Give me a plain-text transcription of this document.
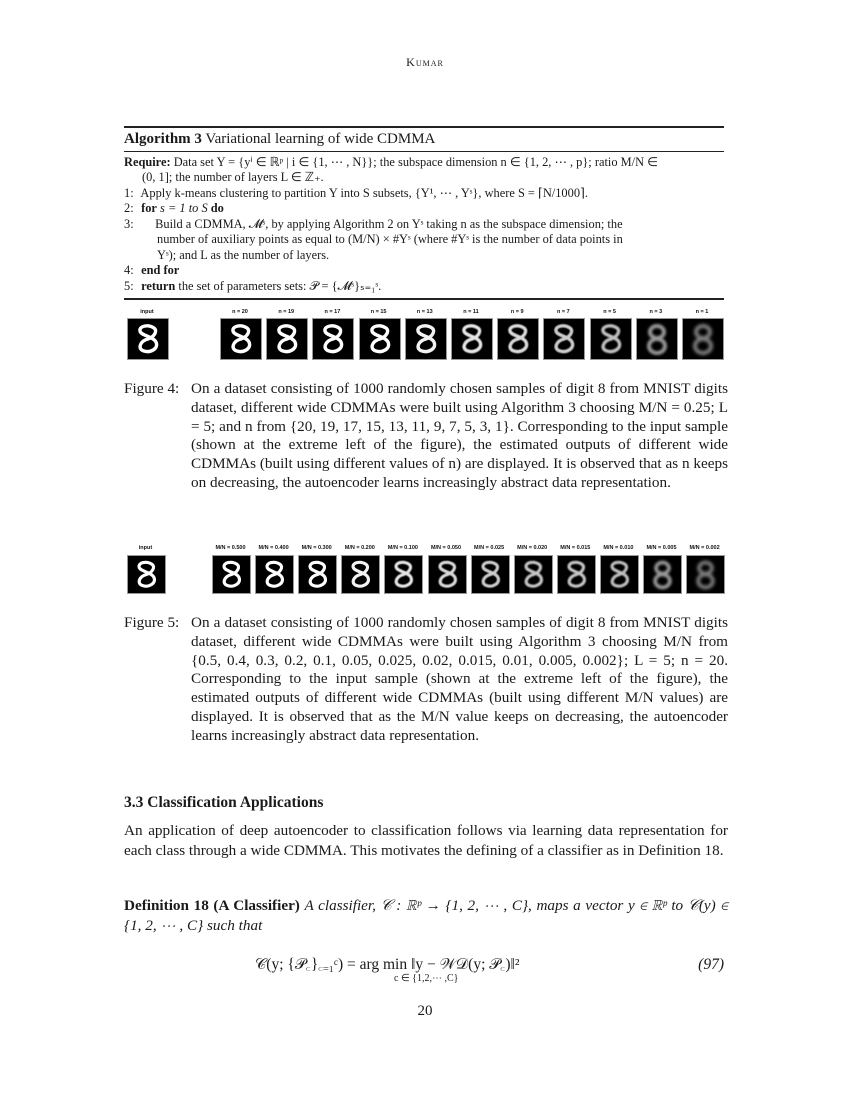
Kumar
Algorithm 3 Variational learning of wide CDMMA
Require: Data set Y = {yⁱ ∈ ℝᵖ | i ∈ {1, ⋯ , N}}; the subspace dimension n ∈ {1, 2, ⋯ , p}; ratio M/N ∈
(0, 1]; the number of layers L ∈ ℤ₊.
1: Apply k-means clustering to partition Y into S subsets, {Y¹, ⋯ , Yˢ}, where S = ⌈N/1000⌉.
2: for s = 1 to S do
3: Build a CDMMA, 𝓜ˢ, by applying Algorithm 2 on Yˢ taking n as the subspace dimension; the
number of auxiliary points as equal to (M/N) × #Yˢ (where #Yˢ is the number of data points in
Yˢ); and L as the number of layers.
4: end for
5: return the set of parameters sets: 𝒫 = {𝓜ˢ}ₛ₌₁ˢ.
input	n = 20	n = 19	n = 17	n = 15	n = 13	n = 11	n = 9	n = 7	n = 5	n = 3	n = 1
Figure 4: On a dataset consisting of 1000 randomly chosen samples of digit 8 from MNIST digits dataset, different wide CDMMAs were built using Algorithm 3 choosing M/N = 0.25; L = 5; and n from {20, 19, 17, 15, 13, 11, 9, 7, 5, 3, 1}. Corresponding to the input sample (shown at the extreme left of the figure), the estimated outputs of different wide CDMMAs (built using different values of n) are displayed. It is observed that as n keeps on decreasing, the autoencoder learns increasingly abstract data representation.
input	M/N = 0.500	M/N = 0.400	M/N = 0.300	M/N = 0.200	M/N = 0.100	M/N = 0.050	M/N = 0.025	M/N = 0.020	M/N = 0.015	M/N = 0.010	M/N = 0.005	M/N = 0.002
Figure 5: On a dataset consisting of 1000 randomly chosen samples of digit 8 from MNIST digits dataset, different wide CDMMAs were built using Algorithm 3 choosing M/N from {0.5, 0.4, 0.3, 0.2, 0.1, 0.05, 0.025, 0.02, 0.015, 0.01, 0.005, 0.002}; L = 5; n = 20. Corresponding to the input sample (shown at the extreme left of the figure), the estimated outputs of different wide CDMMAs (built using different M/N values) are displayed. It is observed that as the M/N value keeps on decreasing, the autoencoder learns increasingly abstract data representation.
3.3 Classification Applications
An application of deep autoencoder to classification follows via learning data representation for each class through a wide CDMMA. This motivates the defining of a classifier as in Definition 18.
Definition 18 (A Classifier) A classifier, 𝒞 : ℝᵖ → {1, 2, ⋯ , C}, maps a vector y ∈ ℝᵖ to 𝒞(y) ∈ {1, 2, ⋯ , C} such that
𝒞(y; {𝒫꜀}꜀₌₁ᶜ) = arg min ‖y − 𝒲𝒟(y; 𝒫꜀)‖²
c ∈ {1,2,⋯ ,C}
(97)
20
